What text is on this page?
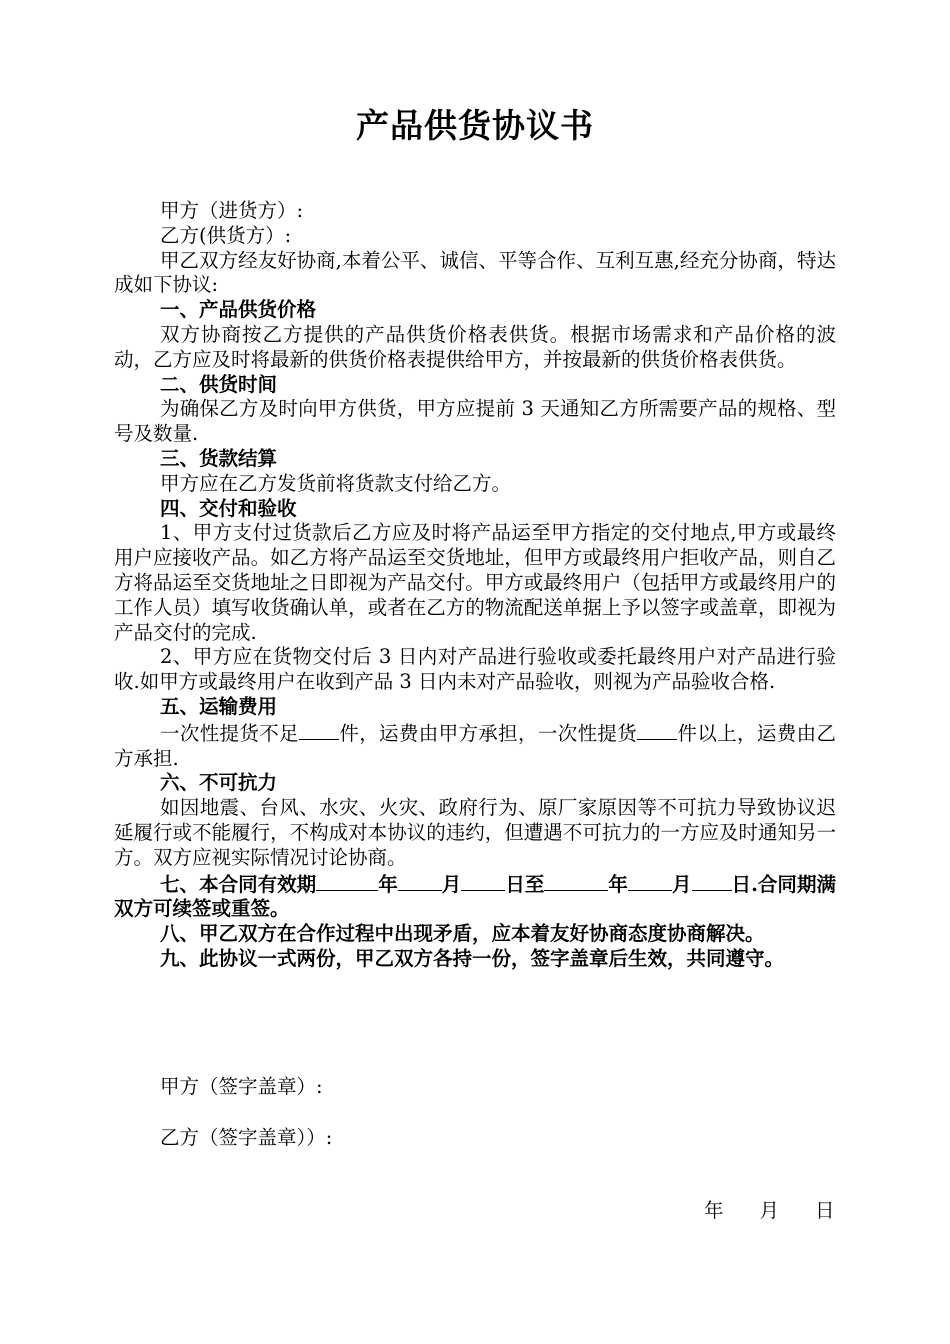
产品供货协议书

甲方（进货方）:

乙方(供货方）:

甲乙双方经友好协商,本着公平、诚信、平等合作、互利互惠,经充分协商，特达成如下协议:

一、产品供货价格

双方协商按乙方提供的产品供货价格表供货。根据市场需求和产品价格的波动，乙方应及时将最新的供货价格表提供给甲方，并按最新的供货价格表供货。

二、供货时间

为确保乙方及时向甲方供货，甲方应提前 3 天通知乙方所需要产品的规格、型号及数量.

三、货款结算

甲方应在乙方发货前将货款支付给乙方。

四、交付和验收

1、甲方支付过货款后乙方应及时将产品运至甲方指定的交付地点,甲方或最终用户应接收产品。如乙方将产品运至交货地址，但甲方或最终用户拒收产品，则自乙方将品运至交货地址之日即视为产品交付。甲方或最终用户（包括甲方或最终用户的工作人员）填写收货确认单，或者在乙方的物流配送单据上予以签字或盖章，即视为产品交付的完成.

2、甲方应在货物交付后 3 日内对产品进行验收或委托最终用户对产品进行验收.如甲方或最终用户在收到产品 3 日内未对产品验收，则视为产品验收合格.

五、运输费用

一次性提货不足 件，运费由甲方承担，一次性提货 件以上，运费由乙方承担.

六、不可抗力

如因地震、台风、水灾、火灾、政府行为、原厂家原因等不可抗力导致协议迟延履行或不能履行，不构成对本协议的违约，但遭遇不可抗力的一方应及时通知另一方。双方应视实际情况讨论协商。

七、本合同有效期	年 月 日至	年 月 日.合同期满双方可续签或重签。

八、甲乙双方在合作过程中出现矛盾，应本着友好协商态度协商解决。

九、此协议一式两份，甲乙双方各持一份，签字盖章后生效，共同遵守。

甲方（签字盖章）:
乙方（签字盖章））:
年 月 日
